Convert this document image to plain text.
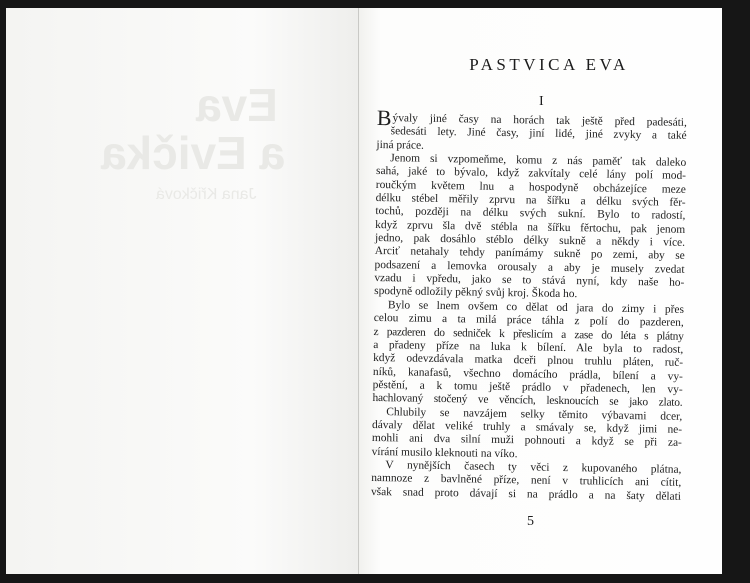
Eva
a Evička
Jana Křičková
PASTVICA EVA
I
Bývaly jiné časy na horách tak ještě před padesáti,
šedesáti lety. Jiné časy, jiní lidé, jiné zvyky a také
jiná práce.
Jenom si vzpomeňme, komu z nás paměť tak daleko
sahá, jaké to bývalo, když zakvítaly celé lány polí mod-
roučkým květem lnu a hospodyně obcházejíce meze
délku stébel měřily zprvu na šířku a délku svých fěr-
tochů, později na délku svých sukní. Bylo to radostí,
když zprvu šla dvě stébla na šířku fěrtochu, pak jenom
jedno, pak dosáhlo stéblo délky sukně a někdy i více.
Arciť netahaly tehdy panímámy sukně po zemi, aby se
podsazení a lemovka orousaly a aby je musely zvedat
vzadu i vpředu, jako se to stává nyní, kdy naše ho-
spodyně odložily pěkný svůj kroj. Škoda ho.
Bylo se lnem ovšem co dělat od jara do zimy i přes
celou zimu a ta milá práce táhla z polí do pazderen,
z pazderen do sedniček k přeslicím a zase do léta s plátny
a přadeny příze na luka k bílení. Ale byla to radost,
když odevzdávala matka dceři plnou truhlu pláten, ruč-
níků, kanafasů, všechno domácího prádla, bílení a vy-
pěstění, a k tomu ještě prádlo v přadenech, len vy-
hachlovaný stočený ve věncích, lesknoucích se jako zlato.
Chlubily se navzájem selky těmito výbavami dcer,
dávaly dělat veliké truhly a smávaly se, když jimi ne-
mohli ani dva silní muži pohnouti a když se při za-
vírání musilo kleknouti na víko.
V nynějších časech ty věci z kupovaného plátna,
namnoze z bavlněné příze, není v truhlicích ani cítit,
však snad proto dávají si na prádlo a na šaty dělati
5
